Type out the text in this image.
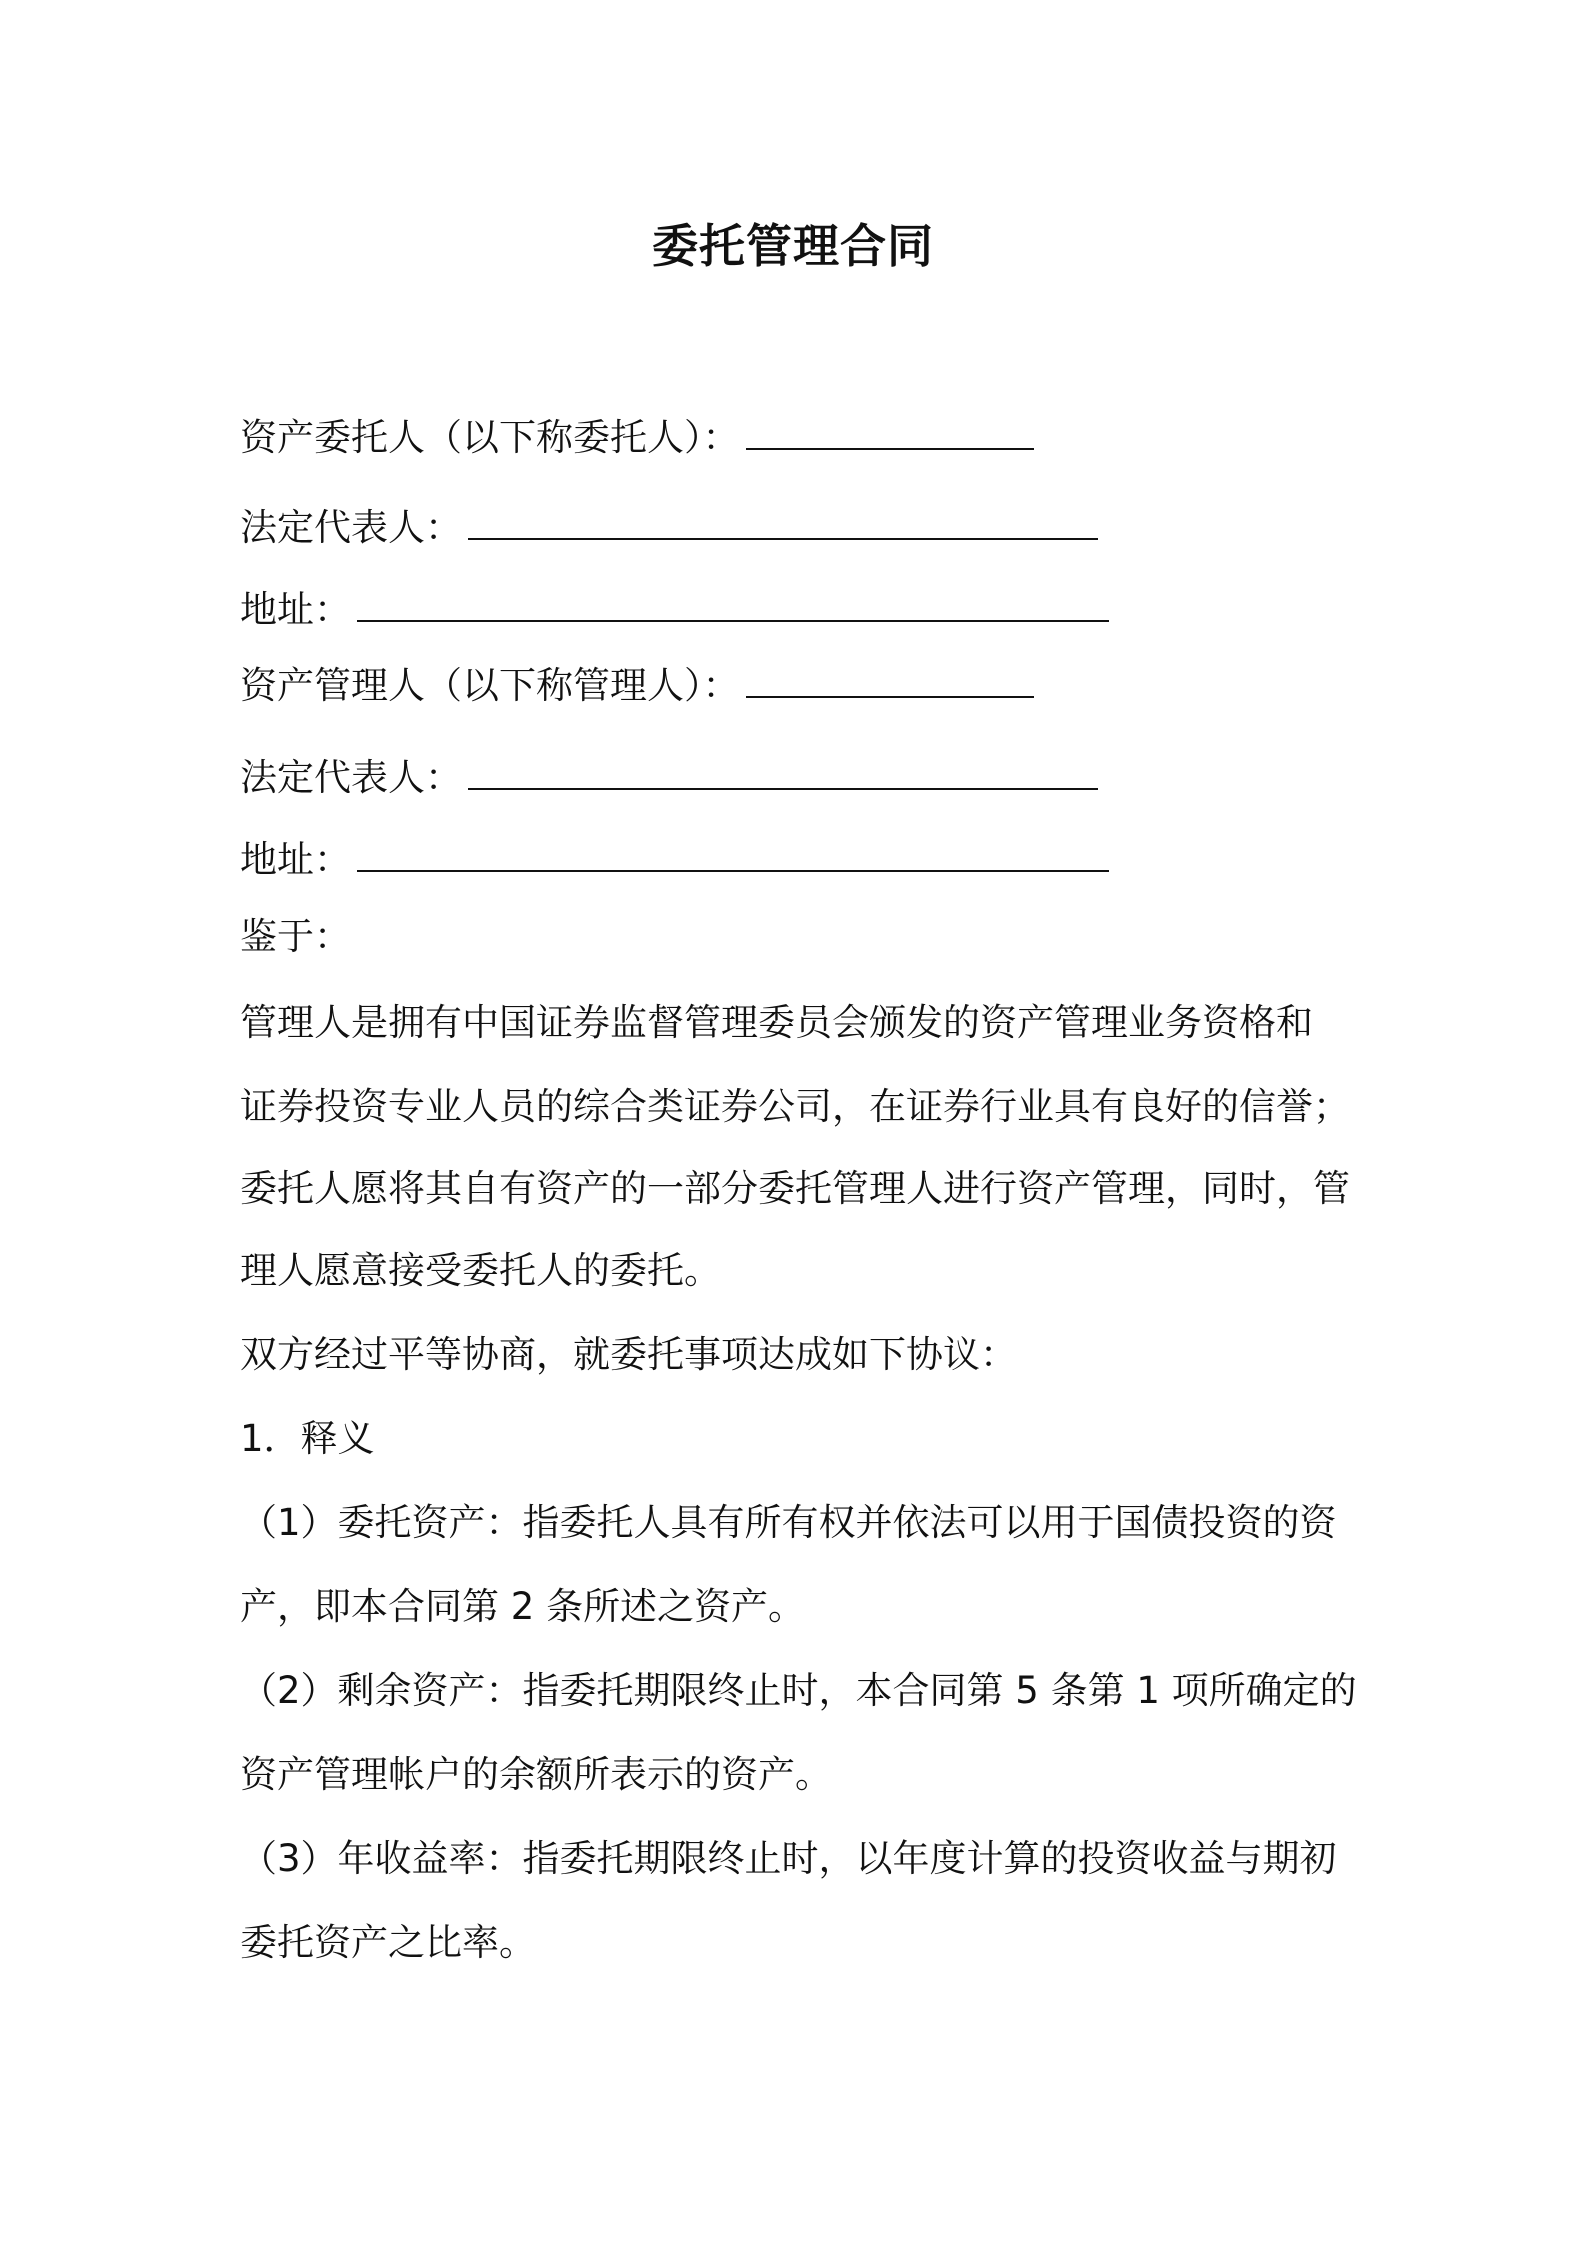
委托管理合同
资产委托人（以下称委托人）：
法定代表人：
地址：
资产管理人（以下称管理人）：
法定代表人：
地址：
鉴于：
管理人是拥有中国证券监督管理委员会颁发的资产管理业务资格和
证券投资专业人员的综合类证券公司，在证券行业具有良好的信誉；
委托人愿将其自有资产的一部分委托管理人进行资产管理，同时，管
理人愿意接受委托人的委托。
双方经过平等协商，就委托事项达成如下协议：
1．释义
（1）委托资产：指委托人具有所有权并依法可以用于国债投资的资
产，即本合同第 2 条所述之资产。
（2）剩余资产：指委托期限终止时，本合同第 5 条第 1 项所确定的
资产管理帐户的余额所表示的资产。
（3）年收益率：指委托期限终止时，以年度计算的投资收益与期初
委托资产之比率。
